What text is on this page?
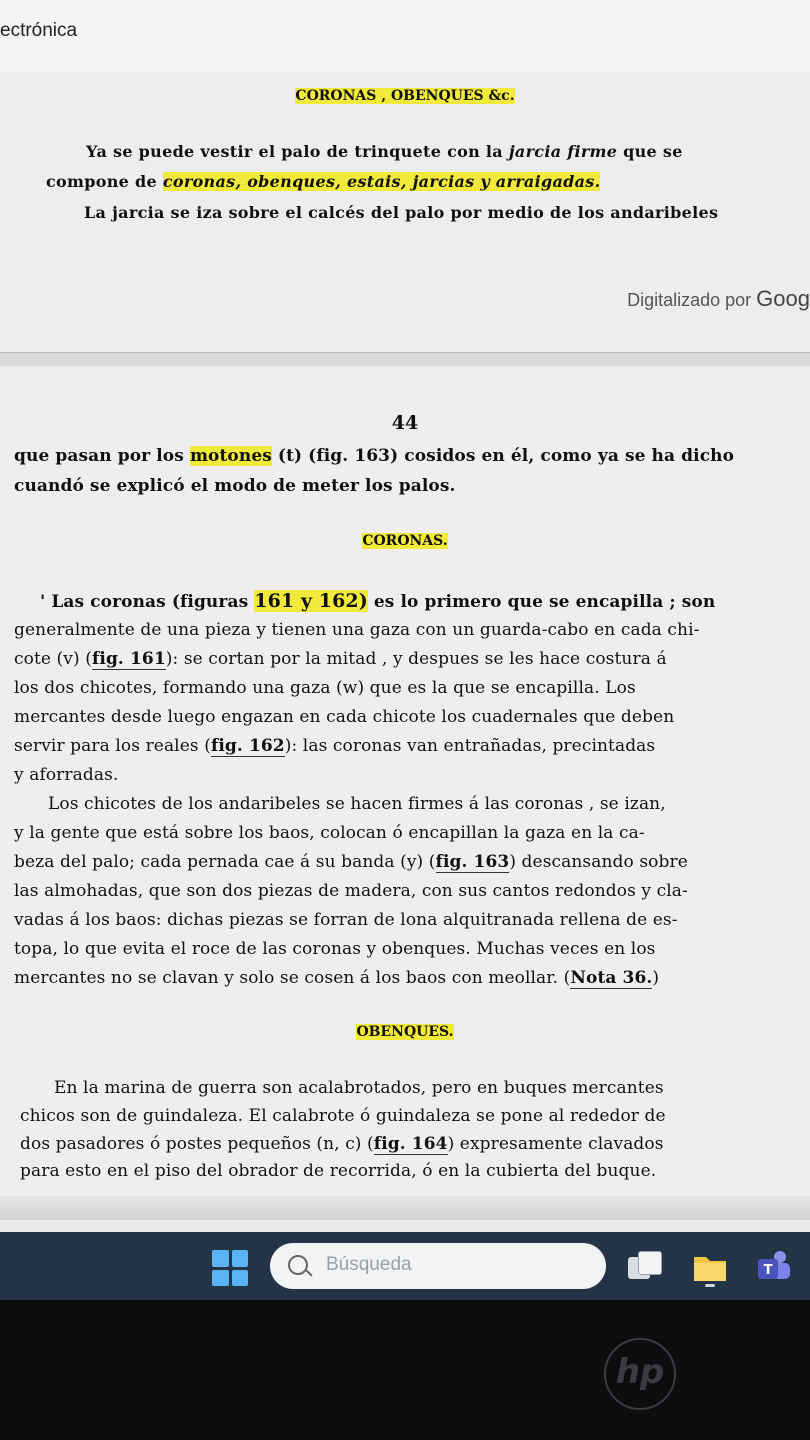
ectrónica
CORONAS , OBENQUES &c.
Ya se puede vestir el palo de trinquete con la jarcia firme que se
compone de coronas, obenques, estais, jarcias y arraigadas.
La jarcia se iza sobre el calcés del palo por medio de los andaribeles
Digitalizado por Goog
44
que pasan por los motones (t) (fig. 163) cosidos en él, como ya se ha dicho
cuandó se explicó el modo de meter los palos.
CORONAS.
' Las coronas (figuras 161 y 162) es lo primero que se encapilla ; son
generalmente de una pieza y tienen una gaza con un guarda-cabo en cada chi-
cote (v) (fig. 161): se cortan por la mitad , y despues se les hace costura á
los dos chicotes, formando una gaza (w) que es la que se encapilla. Los
mercantes desde luego engazan en cada chicote los cuadernales que deben
servir para los reales (fig. 162): las coronas van entrañadas, precintadas
y aforradas.
Los chicotes de los andaribeles se hacen firmes á las coronas , se izan,
y la gente que está sobre los baos, colocan ó encapillan la gaza en la ca-
beza del palo; cada pernada cae á su banda (y) (fig. 163) descansando sobre
las almohadas, que son dos piezas de madera, con sus cantos redondos y cla-
vadas á los baos: dichas piezas se forran de lona alquitranada rellena de es-
topa, lo que evita el roce de las coronas y obenques. Muchas veces en los
mercantes no se clavan y solo se cosen á los baos con meollar. (Nota 36.)
OBENQUES.
En la marina de guerra son acalabrotados, pero en buques mercantes
chicos son de guindaleza. El calabrote ó guindaleza se pone al rededor de
dos pasadores ó postes pequeños (n, c) (fig. 164) expresamente clavados
para esto en el piso del obrador de recorrida, ó en la cubierta del buque.
Búsqueda	T
hp
